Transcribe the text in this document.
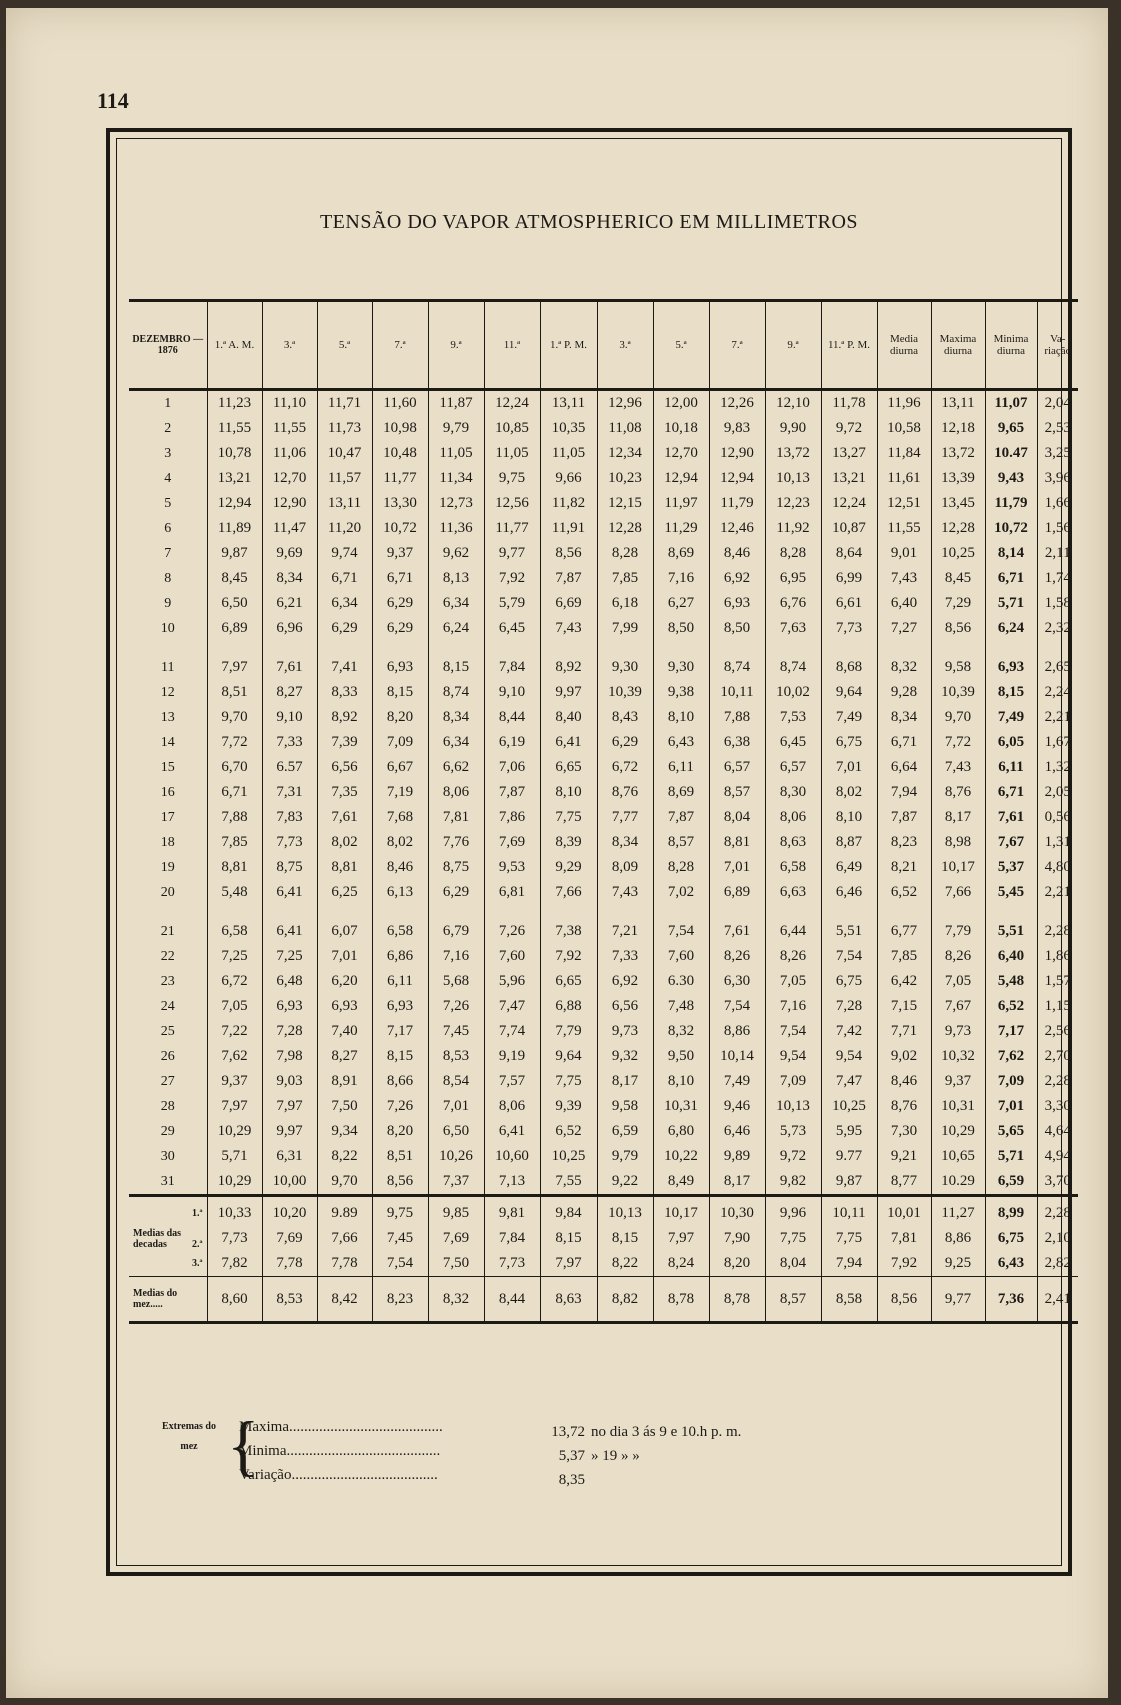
114
TENSÃO DO VAPOR ATMOSPHERICO EM MILLIMETROS
DEZEMBRO — 1876	1.ª A. M.	3.ª	5.ª	7.ª	9.ª	11.ª	1.ª P. M.	3.ª	5.ª	7.ª	9.ª	11.ª P. M.	Media diurna	Maxima diurna	Minima diurna	Va- riação
1	11,23	11,10	11,71	11,60	11,87	12,24	13,11	12,96	12,00	12,26	12,10	11,78	11,96	13,11	11,07	2,04
2	11,55	11,55	11,73	10,98	9,79	10,85	10,35	11,08	10,18	9,83	9,90	9,72	10,58	12,18	9,65	2,53
3	10,78	11,06	10,47	10,48	11,05	11,05	11,05	12,34	12,70	12,90	13,72	13,27	11,84	13,72	10.47	3,25
4	13,21	12,70	11,57	11,77	11,34	9,75	9,66	10,23	12,94	12,94	10,13	13,21	11,61	13,39	9,43	3,96
5	12,94	12,90	13,11	13,30	12,73	12,56	11,82	12,15	11,97	11,79	12,23	12,24	12,51	13,45	11,79	1,66
6	11,89	11,47	11,20	10,72	11,36	11,77	11,91	12,28	11,29	12,46	11,92	10,87	11,55	12,28	10,72	1,56
7	9,87	9,69	9,74	9,37	9,62	9,77	8,56	8,28	8,69	8,46	8,28	8,64	9,01	10,25	8,14	2,11
8	8,45	8,34	6,71	6,71	8,13	7,92	7,87	7,85	7,16	6,92	6,95	6,99	7,43	8,45	6,71	1,74
9	6,50	6,21	6,34	6,29	6,34	5,79	6,69	6,18	6,27	6,93	6,76	6,61	6,40	7,29	5,71	1,58
10	6,89	6,96	6,29	6,29	6,24	6,45	7,43	7,99	8,50	8,50	7,63	7,73	7,27	8,56	6,24	2,32

11	7,97	7,61	7,41	6,93	8,15	7,84	8,92	9,30	9,30	8,74	8,74	8,68	8,32	9,58	6,93	2,65
12	8,51	8,27	8,33	8,15	8,74	9,10	9,97	10,39	9,38	10,11	10,02	9,64	9,28	10,39	8,15	2,24
13	9,70	9,10	8,92	8,20	8,34	8,44	8,40	8,43	8,10	7,88	7,53	7,49	8,34	9,70	7,49	2,21
14	7,72	7,33	7,39	7,09	6,34	6,19	6,41	6,29	6,43	6,38	6,45	6,75	6,71	7,72	6,05	1,67
15	6,70	6.57	6,56	6,67	6,62	7,06	6,65	6,72	6,11	6,57	6,57	7,01	6,64	7,43	6,11	1,32
16	6,71	7,31	7,35	7,19	8,06	7,87	8,10	8,76	8,69	8,57	8,30	8,02	7,94	8,76	6,71	2,05
17	7,88	7,83	7,61	7,68	7,81	7,86	7,75	7,77	7,87	8,04	8,06	8,10	7,87	8,17	7,61	0,56
18	7,85	7,73	8,02	8,02	7,76	7,69	8,39	8,34	8,57	8,81	8,63	8,87	8,23	8,98	7,67	1,31
19	8,81	8,75	8,81	8,46	8,75	9,53	9,29	8,09	8,28	7,01	6,58	6,49	8,21	10,17	5,37	4,80
20	5,48	6,41	6,25	6,13	6,29	6,81	7,66	7,43	7,02	6,89	6,63	6,46	6,52	7,66	5,45	2,21

21	6,58	6,41	6,07	6,58	6,79	7,26	7,38	7,21	7,54	7,61	6,44	5,51	6,77	7,79	5,51	2,28
22	7,25	7,25	7,01	6,86	7,16	7,60	7,92	7,33	7,60	8,26	8,26	7,54	7,85	8,26	6,40	1,86
23	6,72	6,48	6,20	6,11	5,68	5,96	6,65	6,92	6.30	6,30	7,05	6,75	6,42	7,05	5,48	1,57
24	7,05	6,93	6,93	6,93	7,26	7,47	6,88	6,56	7,48	7,54	7,16	7,28	7,15	7,67	6,52	1,15
25	7,22	7,28	7,40	7,17	7,45	7,74	7,79	9,73	8,32	8,86	7,54	7,42	7,71	9,73	7,17	2,56
26	7,62	7,98	8,27	8,15	8,53	9,19	9,64	9,32	9,50	10,14	9,54	9,54	9,02	10,32	7,62	2,70
27	9,37	9,03	8,91	8,66	8,54	7,57	7,75	8,17	8,10	7,49	7,09	7,47	8,46	9,37	7,09	2,28
28	7,97	7,97	7,50	7,26	7,01	8,06	9,39	9,58	10,31	9,46	10,13	10,25	8,76	10,31	7,01	3,30
29	10,29	9,97	9,34	8,20	6,50	6,41	6,52	6,59	6,80	6,46	5,73	5,95	7,30	10,29	5,65	4,64
30	5,71	6,31	8,22	8,51	10,26	10,60	10,25	9,79	10,22	9,89	9,72	9.77	9,21	10,65	5,71	4,94
31	10,29	10,00	9,70	8,56	7,37	7,13	7,55	9,22	8,49	8,17	9,82	9,87	8,77	10.29	6,59	3,70

1.ª	10,33	10,20	9.89	9,75	9,85	9,81	9,84	10,13	10,17	10,30	9,96	10,11	10,01	11,27	8,99	2,28
Medias das decadas 2.ª	7,73	7,69	7,66	7,45	7,69	7,84	8,15	8,15	7,97	7,90	7,75	7,75	7,81	8,86	6,75	2,10

3.ª	7,82	7,78	7,78	7,54	7,50	7,73	7,97	8,22	8,24	8,20	8,04	7,94	7,92	9,25	6,43	2,82
Medias do mez.....	8,60	8,53	8,42	8,23	8,32	8,44	8,63	8,82	8,78	8,78	8,57	8,58	8,56	9,77	7,36	2,41
Extremas do mez {
Maxima.........................................	13,72 no dia 3 ás 9 e 10.h p. m.
Minima.........................................	5,37 » 19 » »
Variação.......................................	8,35
